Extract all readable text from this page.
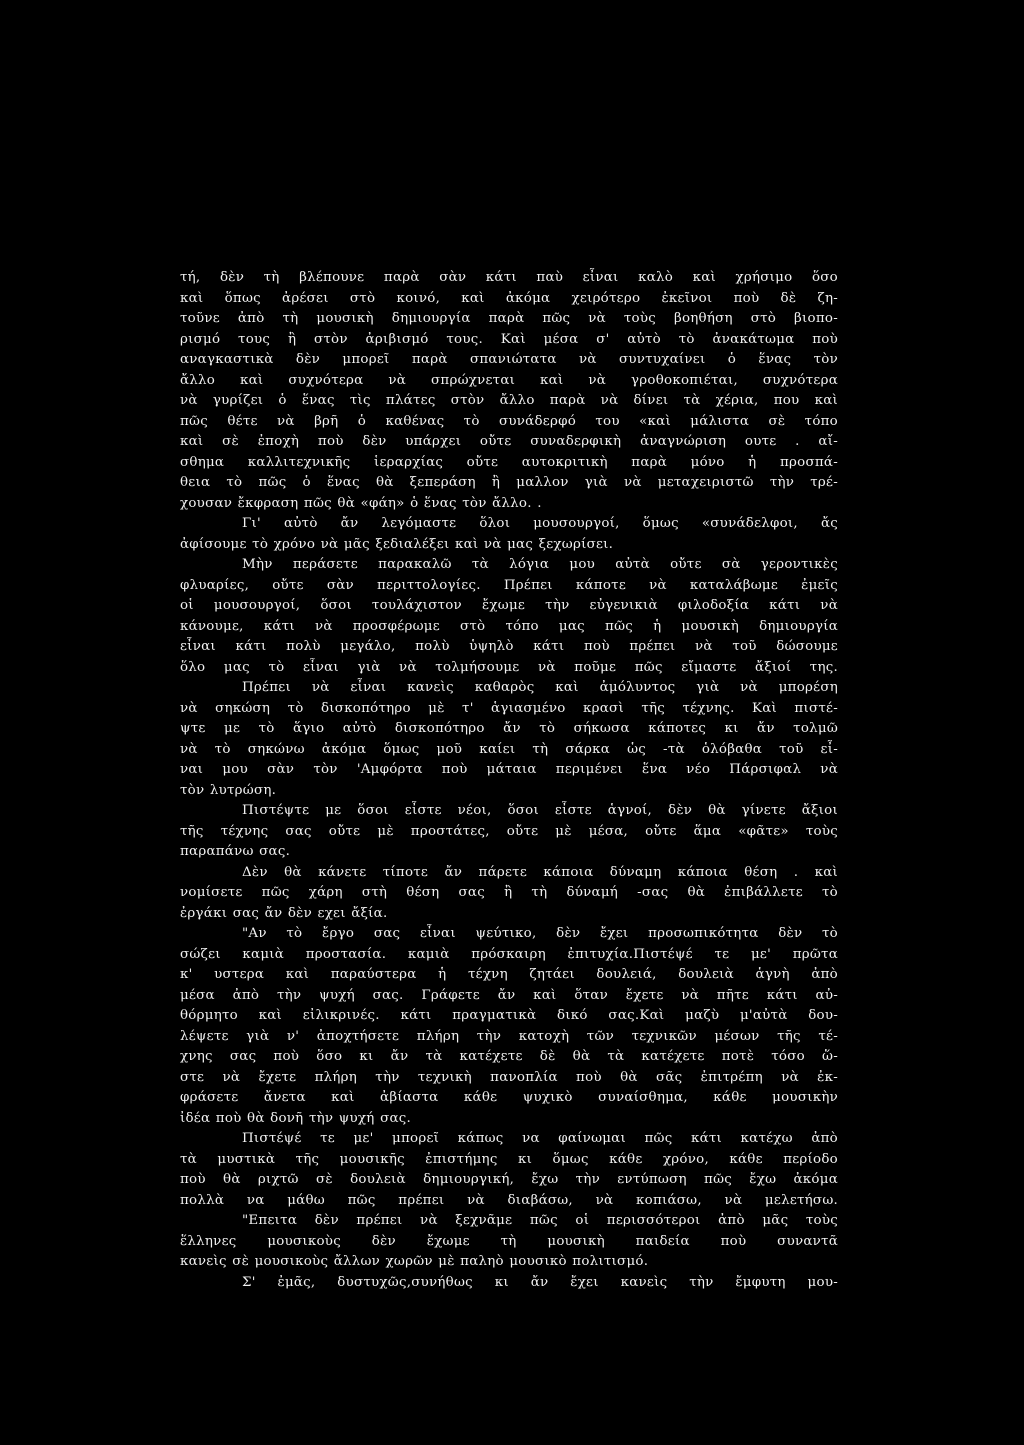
τή, δὲν τὴ βλέπουνε παρὰ σὰν κάτι παὺ εἶναι καλὸ καὶ χρήσιμο ὅσο
καὶ ὅπως ἀρέσει στὸ κοινό, καὶ ἀκόμα χειρότερο ἐκεῖνοι ποὺ δὲ ζη-
τοῦνε ἀπὸ τὴ μουσικὴ δημιουργία παρὰ πῶς νὰ τοὺς βοηθήση στὸ βιοπο-
ρισμό τους ἢ στὸν ἀριβισμό τους. Καὶ μέσα σ' αὐτὸ τὸ ἀνακάτωμα ποὺ
αναγκαστικὰ δὲν μπορεῖ παρὰ σπανιώτατα νὰ συντυχαίνει ὁ ἕνας τὸν
ἄλλο καὶ συχνότερα νὰ σπρώχνεται καὶ νὰ γροθοκοπιέται, συχνότερα
νὰ γυρίζει ὁ ἕνας τὶς πλάτες στὸν ἄλλο παρὰ νὰ δίνει τὰ χέρια, που καὶ
πῶς θέτε νὰ βρῆ ὁ καθένας τὸ συνάδερφό του «καὶ μάλιστα σὲ τόπο
καὶ σὲ ἐποχὴ ποὺ δὲν υπάρχει οὔτε συναδερφικὴ ἀναγνώριση ουτε . αἴ-
σθημα καλλιτεχνικῆς ἱεραρχίας οὔτε αυτοκριτικὴ παρὰ μόνο ἡ προσπά-
θεια τὸ πῶς ὁ ἕνας θὰ ξεπεράση ἢ μαλλον γιὰ νὰ μεταχειριστῶ τὴν τρέ-
χουσαν ἔκφραση πῶς θὰ «φάη» ὁ ἕνας τὸν ἄλλο. .
Γι' αὐτὸ ἄν λεγόμαστε ὅλοι μουσουργοί, ὅμως «συνάδελφοι, ἄς
ἀφίσουμε τὸ χρόνο νὰ μᾶς ξεδιαλέξει καὶ νὰ μας ξεχωρίσει.
Μὴν περάσετε παρακαλῶ τὰ λόγια μου αὐτὰ οὔτε σὰ γεροντικὲς
φλυαρίες, οὔτε σὰν περιττολογίες. Πρέπει κάποτε νὰ καταλάβωμε ἐμεῖς
οἱ μουσουργοί, ὅσοι τουλάχιστον ἔχωμε τὴν εὐγενικιὰ φιλοδοξία κάτι νὰ
κάνουμε, κάτι νὰ προσφέρωμε στὸ τόπο μας πῶς ἡ μουσικὴ δημιουργία
εἶναι κάτι πολὺ μεγάλο, πολὺ ὑψηλὸ κάτι ποὺ πρέπει νὰ τοῦ δώσουμε
ὅλο μας τὸ εἶναι γιὰ νὰ τολμήσουμε νὰ ποῦμε πῶς εἴμαστε ἄξιοί της.
Πρέπει νὰ εἶναι κανεὶς καθαρὸς καὶ ἀμόλυντος γιὰ νὰ μπορέση
νὰ σηκώση τὸ δισκοπότηρο μὲ τ' ἁγιασμένο κρασὶ τῆς τέχνης. Καὶ πιστέ-
ψτε με τὸ ἅγιο αὐτὸ δισκοπότηρο ἄν τὸ σήκωσα κάποτες κι ἄν τολμῶ
νὰ τὸ σηκώνω ἀκόμα ὅμως μοῦ καίει τὴ σάρκα ὡς -τὰ ὁλόβαθα τοῦ εἶ-
ναι μου σὰν τὸν 'Αμφόρτα ποὺ μάταια περιμένει ἕνα νέο Πάρσιφαλ νὰ
τὸν λυτρώση.
Πιστέψτε με ὅσοι εἶστε νέοι, ὅσοι εἶστε ἁγνοί, δὲν θὰ γίνετε ἄξιοι
τῆς τέχνης σας οὔτε μὲ προστάτες, οὔτε μὲ μέσα, οὔτε ἅμα «φᾶτε» τοὺς
παραπάνω σας.
Δὲν θὰ κάνετε τίποτε ἄν πάρετε κάποια δύναμη κάποια θέση . καὶ
νομίσετε πῶς χάρη στὴ θέση σας ἢ τὴ δύναμή -σας θὰ ἐπιβάλλετε τὸ
ἐργάκι σας ἄν δὲν εχει ἄξία.
"Αν τὸ ἔργο σας εἶναι ψεύτικο, δὲν ἔχει προσωπικότητα δὲν τὸ
σώζει καμιὰ προστασία. καμιὰ πρόσκαιρη ἐπιτυχία.Πιστέψέ τε με' πρῶτα
κ' υστερα καὶ παραύστερα ἡ τέχνη ζητάει δουλειά, δουλειὰ ἁγνὴ ἀπὸ
μέσα ἀπὸ τὴν ψυχή σας. Γράφετε ἄν καὶ ὅταν ἔχετε νὰ πῆτε κάτι αὐ-
θόρμητο καὶ εἰλικρινές. κάτι πραγματικὰ δικό σας.Καὶ μαζὺ μ'αὐτὰ δου-
λέψετε γιὰ ν' ἀποχτήσετε πλήρη τὴν κατοχὴ τῶν τεχνικῶν μέσων τῆς τέ-
χνης σας ποὺ ὅσο κι ἄν τὰ κατέχετε δὲ θὰ τὰ κατέχετε ποτὲ τόσο ὥ-
στε νὰ ἔχετε πλήρη τὴν τεχνικὴ πανοπλία ποὺ θὰ σᾶς ἐπιτρέπη νὰ ἐκ-
φράσετε ἄνετα καὶ ἀβίαστα κάθε ψυχικὸ συναίσθημα, κάθε μουσικὴν
ἰδέα ποὺ θὰ δονῆ τὴν ψυχή σας.
Πιστέψέ τε με' μπορεῖ κάπως να φαίνωμαι πῶς κάτι κατέχω ἀπὸ
τὰ μυστικὰ τῆς μουσικῆς ἐπιστήμης κι ὅμως κάθε χρόνο, κάθε περίοδο
ποὺ θὰ ριχτῶ σὲ δουλειὰ δημιουργική, ἔχω τὴν εντύπωση πῶς ἔχω ἀκόμα
πολλὰ να μάθω πῶς πρέπει νὰ διαβάσω, νὰ κοπιάσω, νὰ μελετήσω.
"Επειτα δὲν πρέπει νὰ ξεχνᾶμε πῶς οἱ περισσότεροι ἀπὸ μᾶς τοὺς
ἕλληνες μουσικοὺς δὲν ἔχωμε τὴ μουσικὴ παιδεία ποὺ συναντᾶ
κανεὶς σὲ μουσικοὺς ἄλλων χωρῶν μὲ παληὸ μουσικὸ πολιτισμό.
Σ' ἐμᾶς, δυστυχῶς,συνήθως κι ἄν ἔχει κανεὶς τὴν ἔμφυτη μου-
